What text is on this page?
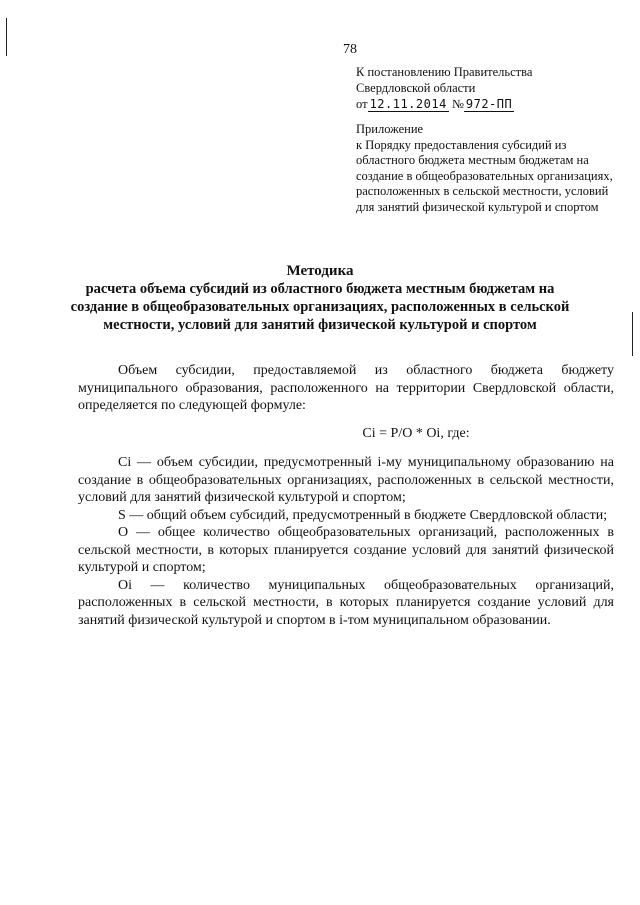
78
К постановлению Правительства
Свердловской области
от 12.11.2014 № 972-ПП
Приложение
к Порядку предоставления субсидий из областного бюджета местным бюджетам на создание в общеобразовательных организациях, расположенных в сельской местности, условий для занятий физической культурой и спортом
Методика
расчета объема субсидий из областного бюджета местным бюджетам на создание в общеобразовательных организациях, расположенных в сельской местности, условий для занятий физической культурой и спортом

Объем субсидии, предоставляемой из областного бюджета бюджету муниципального образования, расположенного на территории Свердловской области, определяется по следующей формуле:

Ci = P/O * Oi, где:

Ci — объем субсидии, предусмотренный i-му муниципальному образованию на создание в общеобразовательных организациях, расположенных в сельской местности, условий для занятий физической культурой и спортом;

S — общий объем субсидий, предусмотренный в бюджете Свердловской области;

O — общее количество общеобразовательных организаций, расположенных в сельской местности, в которых планируется создание условий для занятий физической культурой и спортом;

Oi — количество муниципальных общеобразовательных организаций, расположенных в сельской местности, в которых планируется создание условий для занятий физической культурой и спортом в i-том муниципальном образовании.
